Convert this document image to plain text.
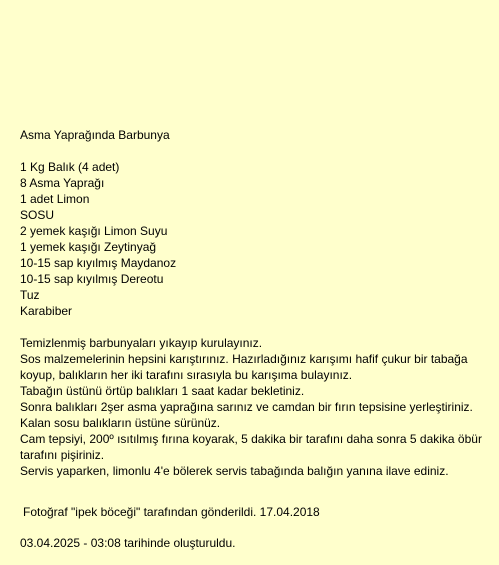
Asma Yaprağında Barbunya
1 Kg Balık (4 adet)
8 Asma Yaprağı
1 adet Limon
SOSU
2 yemek kaşığı Limon Suyu
1 yemek kaşığı Zeytinyağ
10-15 sap kıyılmış Maydanoz
10-15 sap kıyılmış Dereotu
Tuz
Karabiber
Temizlenmiş barbunyaları yıkayıp kurulayınız.
Sos malzemelerinin hepsini karıştırınız. Hazırladığınız karışımı hafif çukur bir tabağa koyup, balıkların her iki tarafını sırasıyla bu karışıma bulayınız.
Tabağın üstünü örtüp balıkları 1 saat kadar bekletiniz.
Sonra balıkları 2şer asma yaprağına sarınız ve camdan bir fırın tepsisine yerleştiriniz. Kalan sosu balıkların üstüne sürünüz.
Cam tepsiyi, 200º ısıtılmış fırına koyarak, 5 dakika bir tarafını daha sonra 5 dakika öbür tarafını pişiriniz.
Servis yaparken, limonlu 4'e bölerek servis tabağında balığın yanına ilave ediniz.
Fotoğraf "ipek böceği" tarafından gönderildi. 17.04.2018
03.04.2025 - 03:08 tarihinde oluşturuldu.
